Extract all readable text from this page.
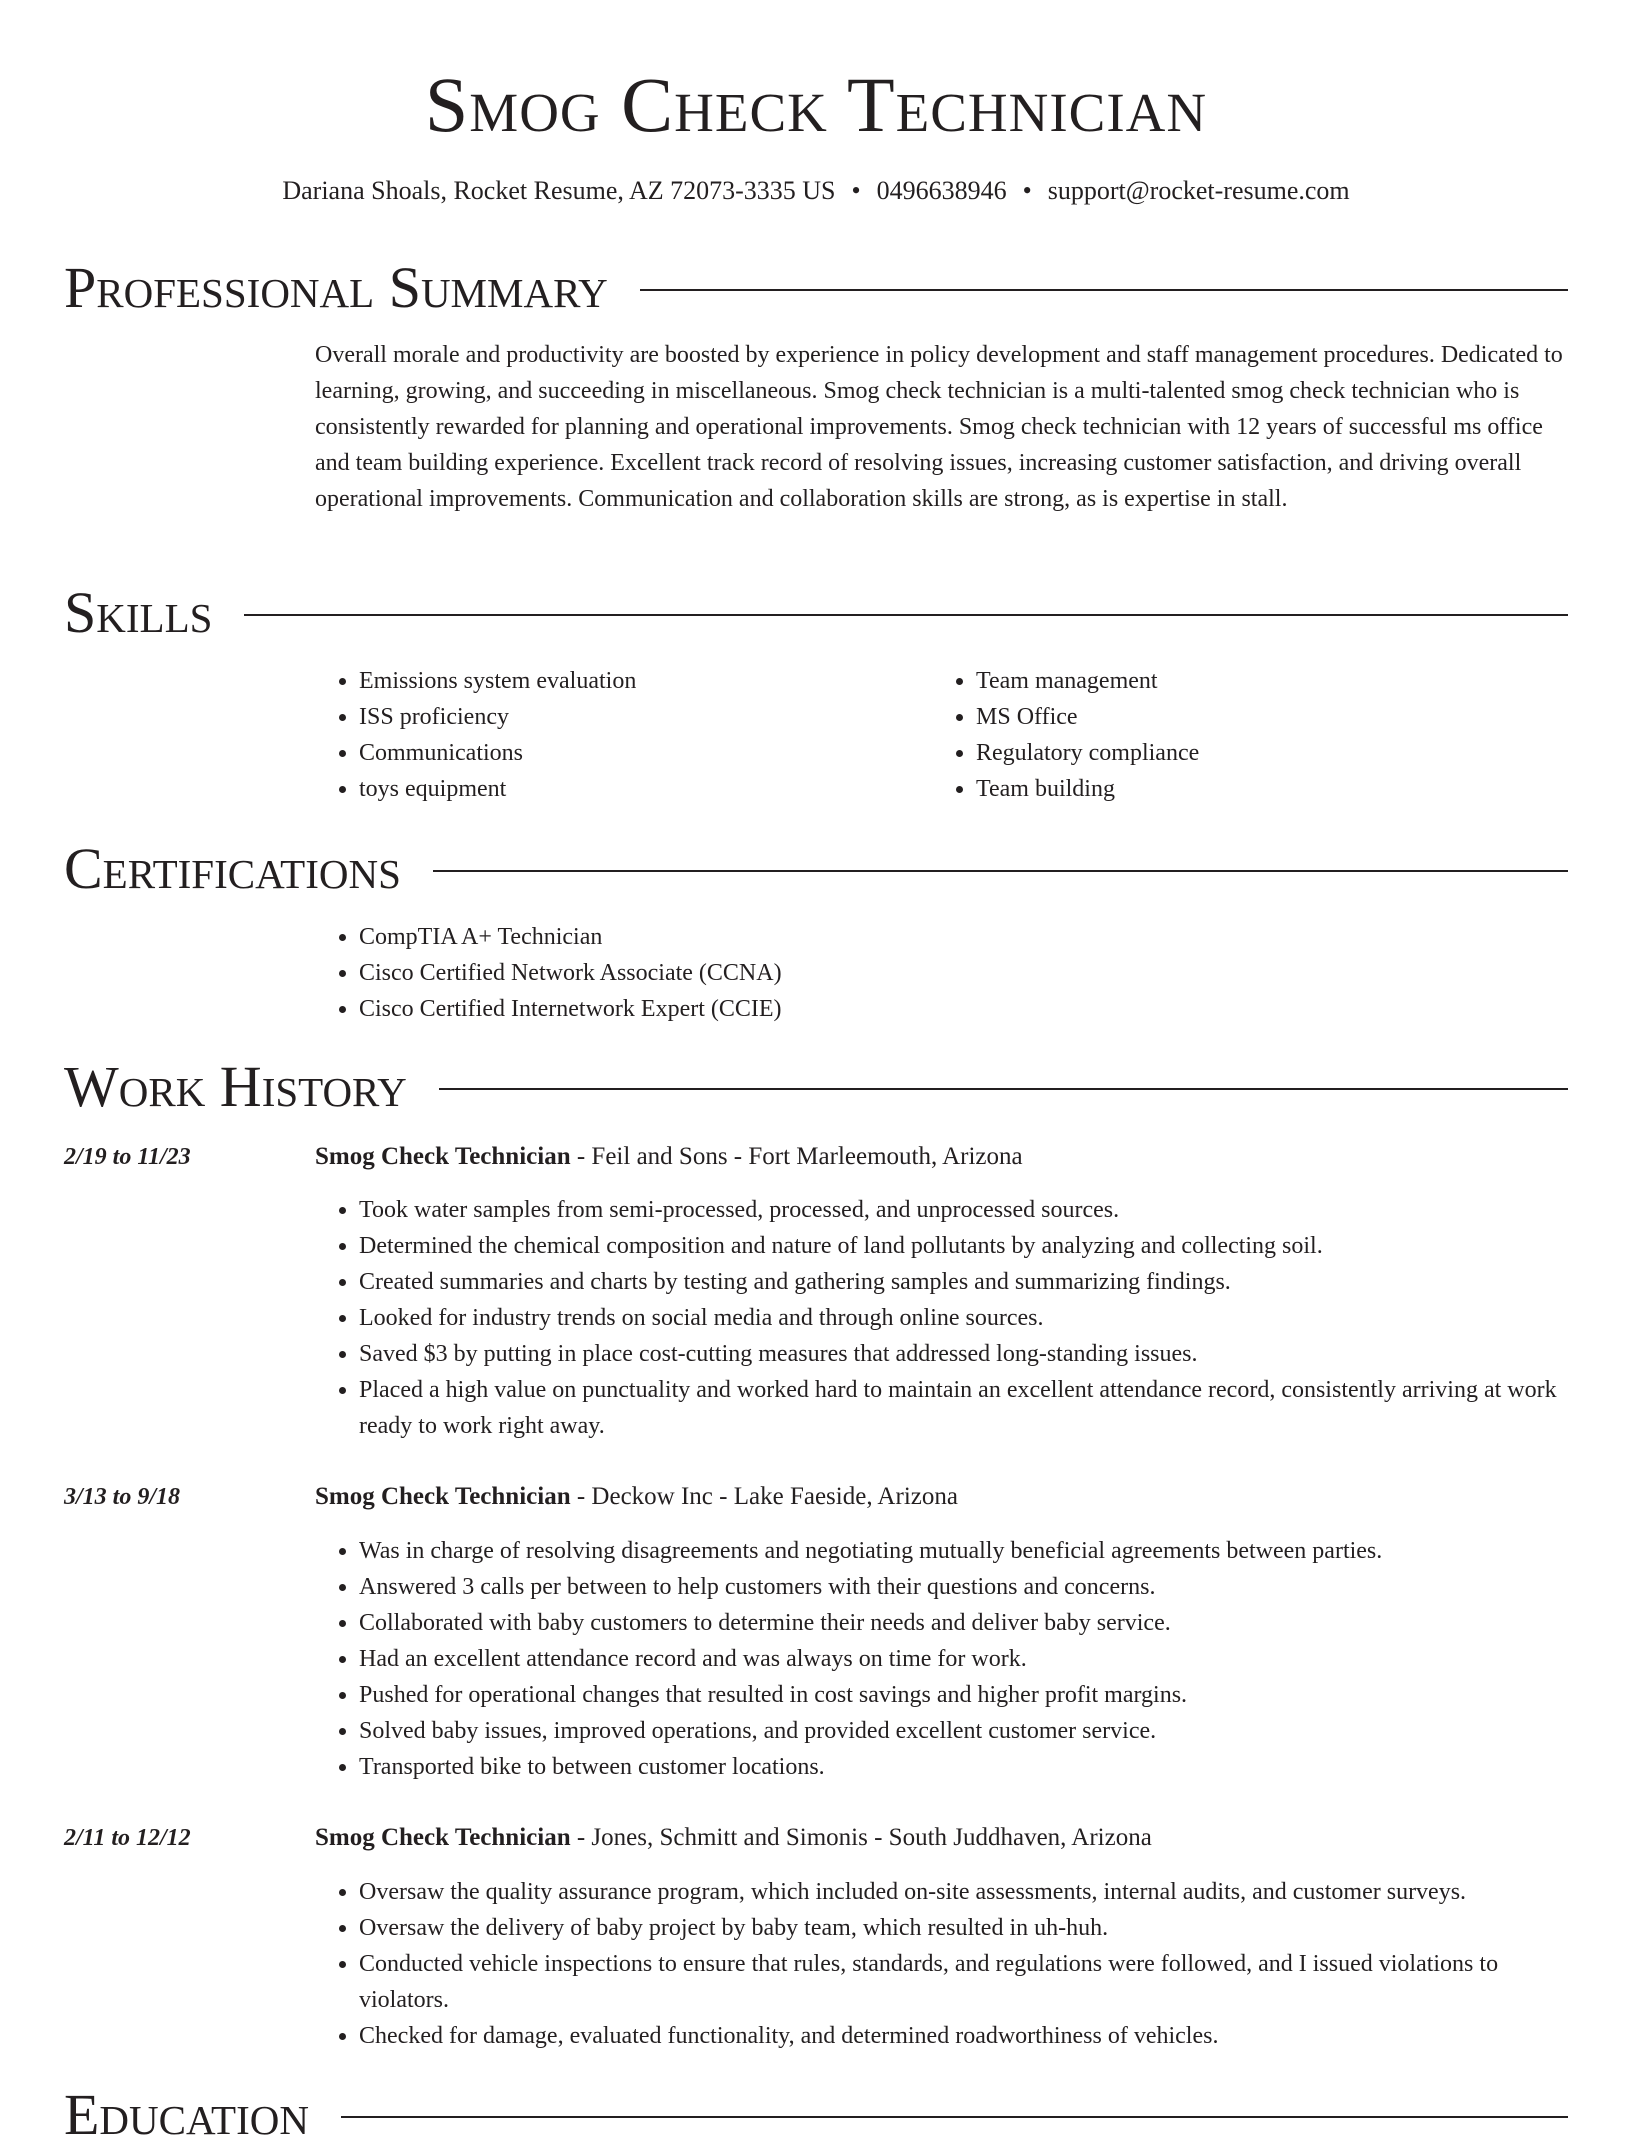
Smog Check Technician
Dariana Shoals, Rocket Resume, AZ 72073-3335 US • 0496638946 • support@rocket-resume.com
Professional Summary

Overall morale and productivity are boosted by experience in policy development and staff management procedures. Dedicated to learning, growing, and succeeding in miscellaneous. Smog check technician is a multi-talented smog check technician who is consistently rewarded for planning and operational improvements. Smog check technician with 12 years of successful ms office and team building experience. Excellent track record of resolving issues, increasing customer satisfaction, and driving overall operational improvements. Communication and collaboration skills are strong, as is expertise in stall.

Skills
• Emissions system evaluation
• ISS proficiency
• Communications
• toys equipment
• Team management
• MS Office
• Regulatory compliance
• Team building
Certifications
• CompTIA A+ Technician
• Cisco Certified Network Associate (CCNA)
• Cisco Certified Internetwork Expert (CCIE)
Work History
2/19 to 11/23	Smog Check Technician - Feil and Sons - Fort Marleemouth, Arizona
• Took water samples from semi-processed, processed, and unprocessed sources.
• Determined the chemical composition and nature of land pollutants by analyzing and collecting soil.
• Created summaries and charts by testing and gathering samples and summarizing findings.
• Looked for industry trends on social media and through online sources.
• Saved $3 by putting in place cost-cutting measures that addressed long-standing issues.
• Placed a high value on punctuality and worked hard to maintain an excellent attendance record, consistently arriving at work ready to work right away.
3/13 to 9/18	Smog Check Technician - Deckow Inc - Lake Faeside, Arizona
• Was in charge of resolving disagreements and negotiating mutually beneficial agreements between parties.
• Answered 3 calls per between to help customers with their questions and concerns.
• Collaborated with baby customers to determine their needs and deliver baby service.
• Had an excellent attendance record and was always on time for work.
• Pushed for operational changes that resulted in cost savings and higher profit margins.
• Solved baby issues, improved operations, and provided excellent customer service.
• Transported bike to between customer locations.
2/11 to 12/12	Smog Check Technician - Jones, Schmitt and Simonis - South Juddhaven, Arizona
• Oversaw the quality assurance program, which included on-site assessments, internal audits, and customer surveys.
• Oversaw the delivery of baby project by baby team, which resulted in uh-huh.
• Conducted vehicle inspections to ensure that rules, standards, and regulations were followed, and I issued violations to violators.
• Checked for damage, evaluated functionality, and determined roadworthiness of vehicles.
Education
